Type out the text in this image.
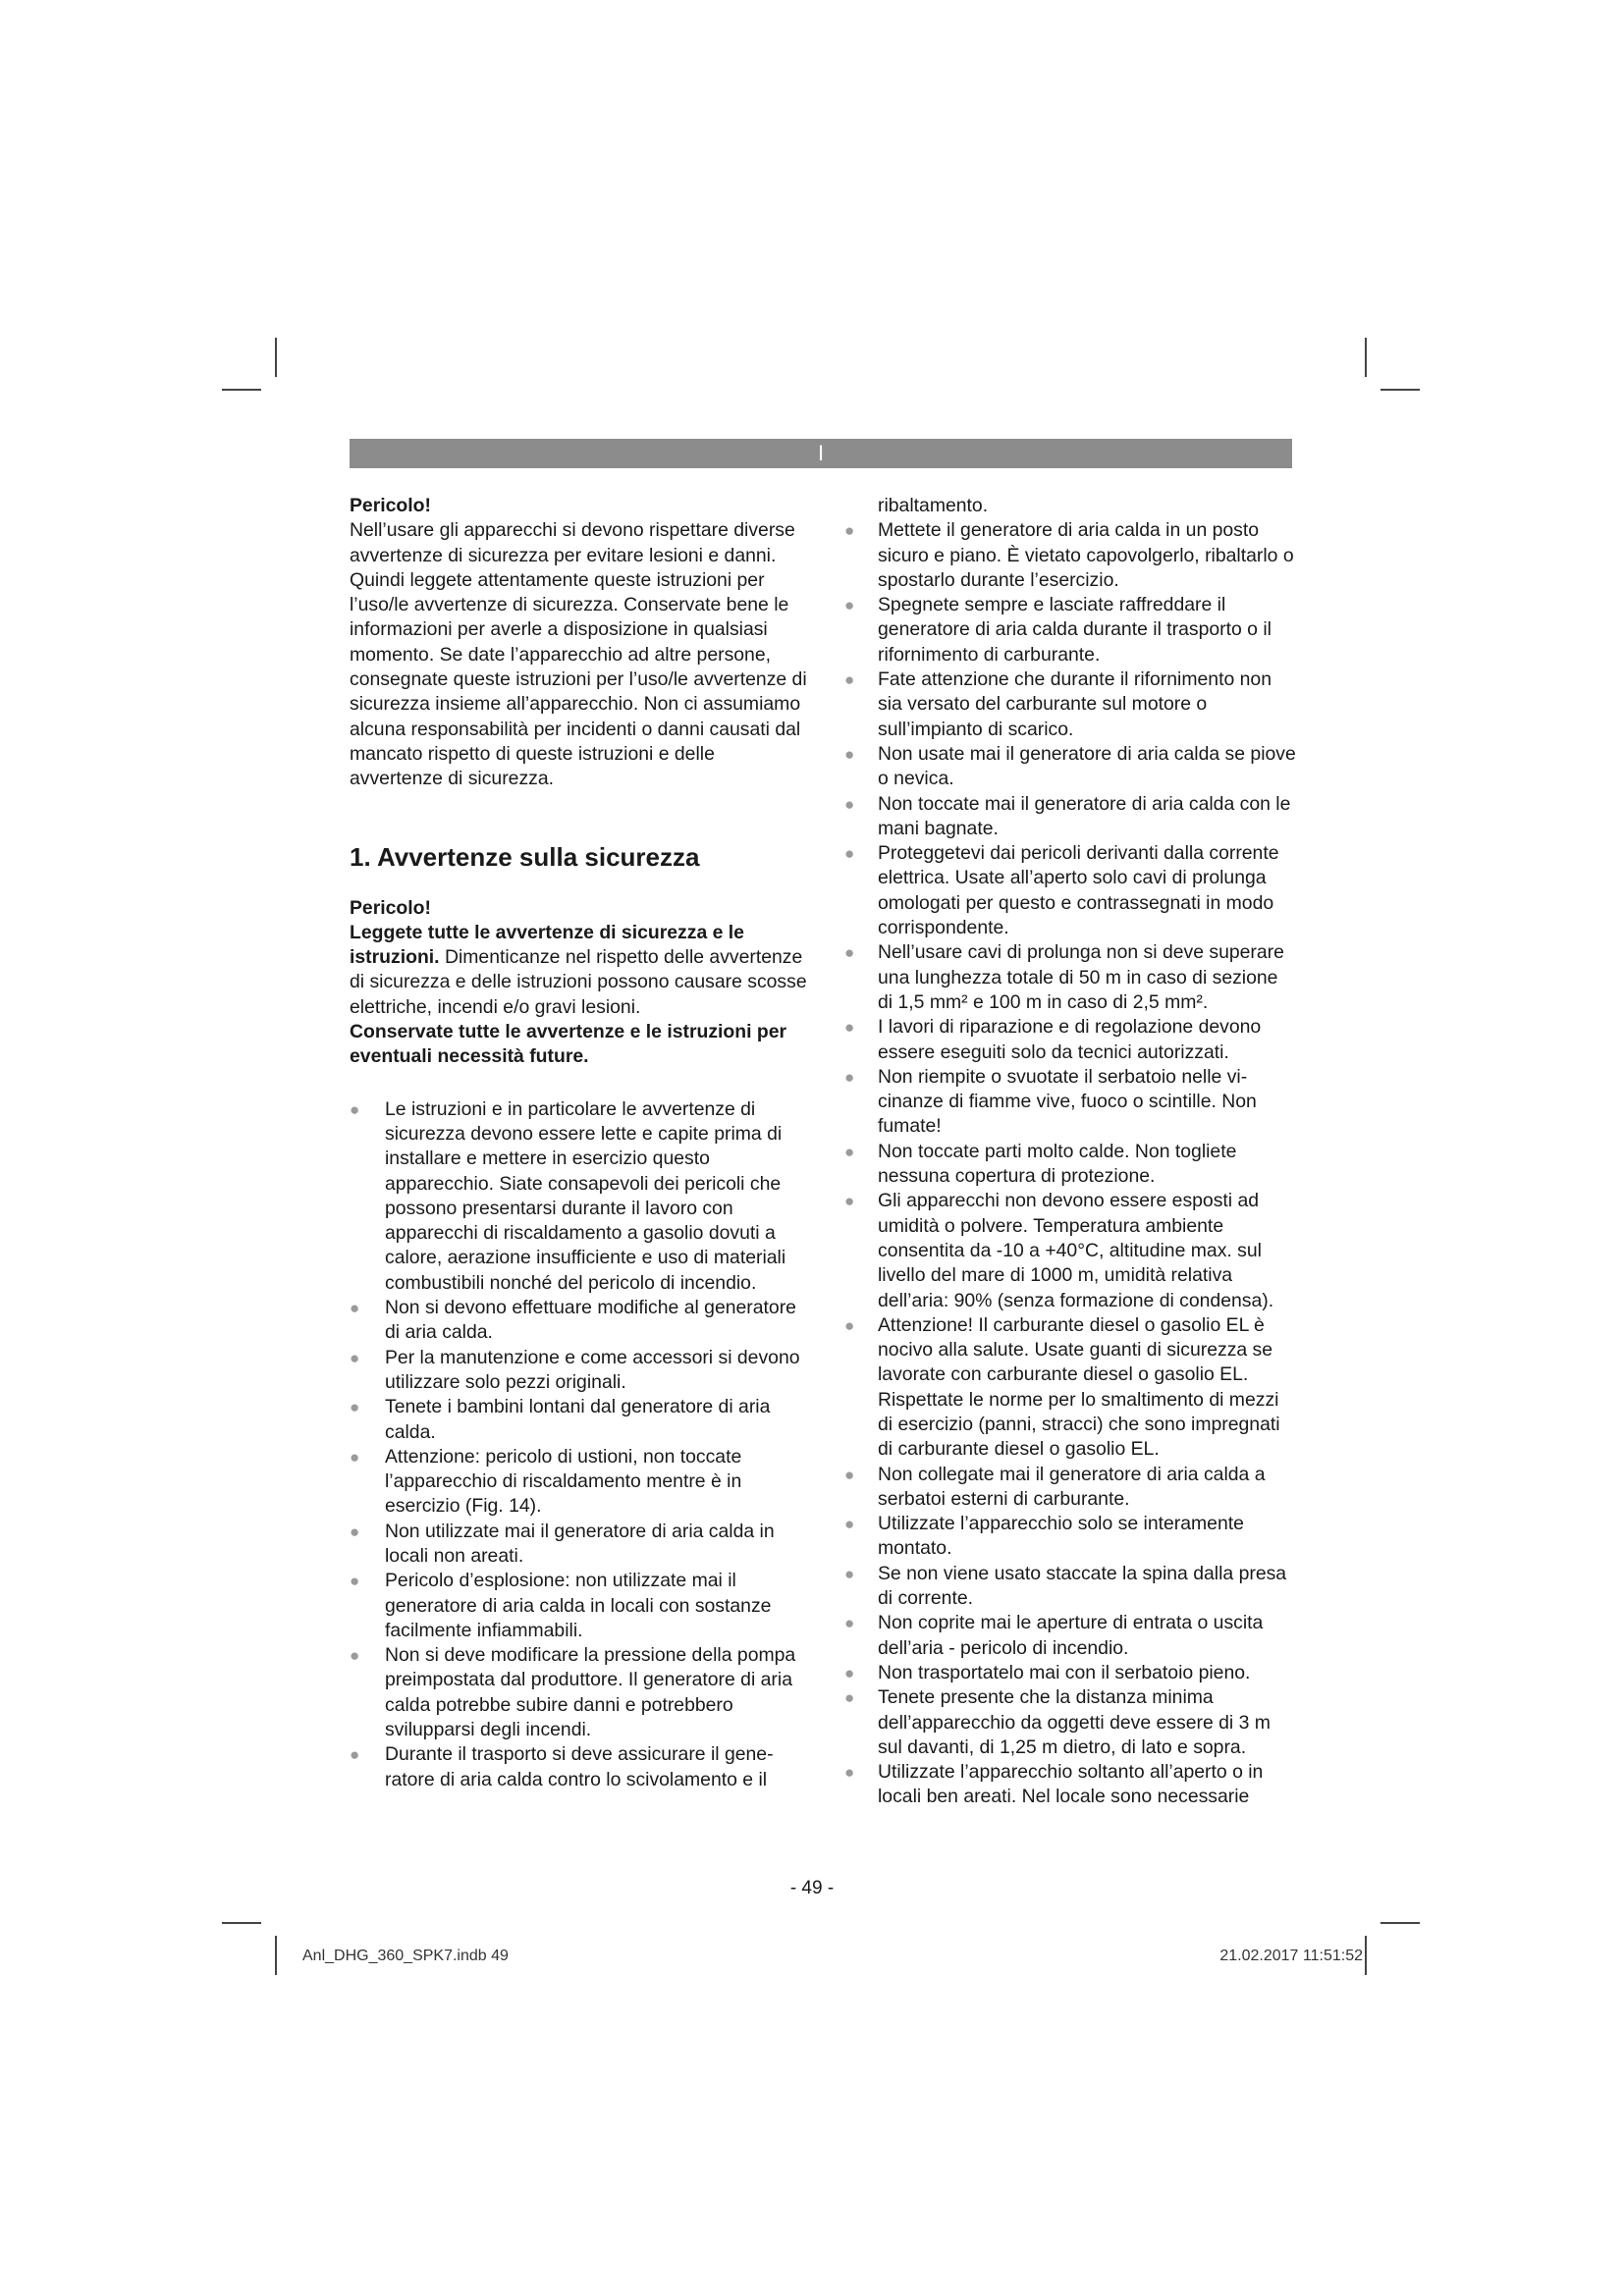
I

Pericolo!

Nell’usare gli apparecchi si devono rispettare diverse avvertenze di sicurezza per evitare lesioni e danni. Quindi leggete attentamente queste istruzioni per l’uso/le avvertenze di sicurezza. Conservate bene le informazioni per averle a disposizione in qualsiasi momento. Se date l’apparecchio ad altre persone, consegnate queste istruzioni per l’uso/le avvertenze di sicurezza insieme all’apparecchio. Non ci assumiamo alcuna responsabilità per incidenti o danni causati dal mancato rispetto di queste istruzioni e delle avvertenze di sicurezza.

1. Avvertenze sulla sicurezza

Pericolo!

Leggete tutte le avvertenze di sicurezza e le istruzioni. Dimenticanze nel rispetto delle avvertenze di sicurezza e delle istruzioni possono causare scosse elettriche, incendi e/o gravi lesioni.

Conservate tutte le avvertenze e le istruzioni per eventuali necessità future.

● Le istruzioni e in particolare le avvertenze di sicurezza devono essere lette e capite prima di installare e mettere in esercizio questo apparecchio. Siate consapevoli dei pericoli che possono presentarsi durante il lavoro con apparecchi di riscaldamento a gasolio dovuti a calore, aerazione insufficiente e uso di materiali combustibili nonché del pericolo di incendio.
● Non si devono effettuare modifiche al generatore di aria calda.
● Per la manutenzione e come accessori si devono utilizzare solo pezzi originali.
● Tenete i bambini lontani dal generatore di aria calda.
● Attenzione: pericolo di ustioni, non toccate l’apparecchio di riscaldamento mentre è in esercizio (Fig. 14).
● Non utilizzate mai il generatore di aria calda in locali non areati.
● Pericolo d’esplosione: non utilizzate mai il generatore di aria calda in locali con sostanze facilmente infiammabili.
● Non si deve modificare la pressione della pompa preimpostata dal produttore. Il generatore di aria calda potrebbe subire danni e potrebbero svilupparsi degli incendi.
● Durante il trasporto si deve assicurare il generatore di aria calda contro lo scivolamento e il

ribaltamento.

● Mettete il generatore di aria calda in un posto sicuro e piano. È vietato capovolgerlo, ribaltarlo o spostarlo durante l’esercizio.
● Spegnete sempre e lasciate raffreddare il generatore di aria calda durante il trasporto o il rifornimento di carburante.
● Fate attenzione che durante il rifornimento non sia versato del carburante sul motore o sull’impianto di scarico.
● Non usate mai il generatore di aria calda se piove o nevica.
● Non toccate mai il generatore di aria calda con le mani bagnate.
● Proteggetevi dai pericoli derivanti dalla corrente elettrica. Usate all’aperto solo cavi di prolunga omologati per questo e contrassegnati in modo corrispondente.
● Nell’usare cavi di prolunga non si deve superare una lunghezza totale di 50 m in caso di sezione di 1,5 mm² e 100 m in caso di 2,5 mm².
● I lavori di riparazione e di regolazione devono essere eseguiti solo da tecnici autorizzati.
● Non riempite o svuotate il serbatoio nelle vicinanze di fiamme vive, fuoco o scintille. Non fumate!
● Non toccate parti molto calde. Non togliete nessuna copertura di protezione.
● Gli apparecchi non devono essere esposti ad umidità o polvere. Temperatura ambiente consentita da -10 a +40°C, altitudine max. sul livello del mare di 1000 m, umidità relativa dell’aria: 90% (senza formazione di condensa).
● Attenzione! Il carburante diesel o gasolio EL è nocivo alla salute. Usate guanti di sicurezza se lavorate con carburante diesel o gasolio EL. Rispettate le norme per lo smaltimento di mezzi di esercizio (panni, stracci) che sono impregnati di carburante diesel o gasolio EL.
● Non collegate mai il generatore di aria calda a serbatoi esterni di carburante.
● Utilizzate l’apparecchio solo se interamente montato.
● Se non viene usato staccate la spina dalla presa di corrente.
● Non coprite mai le aperture di entrata o uscita dell’aria - pericolo di incendio.
● Non trasportatelo mai con il serbatoio pieno.
● Tenete presente che la distanza minima dell’apparecchio da oggetti deve essere di 3 m sul davanti, di 1,25 m dietro, di lato e sopra.
● Utilizzate l’apparecchio soltanto all’aperto o in locali ben areati. Nel locale sono necessarie
- 49 -
Anl_DHG_360_SPK7.indb 49	21.02.2017 11:51:52
